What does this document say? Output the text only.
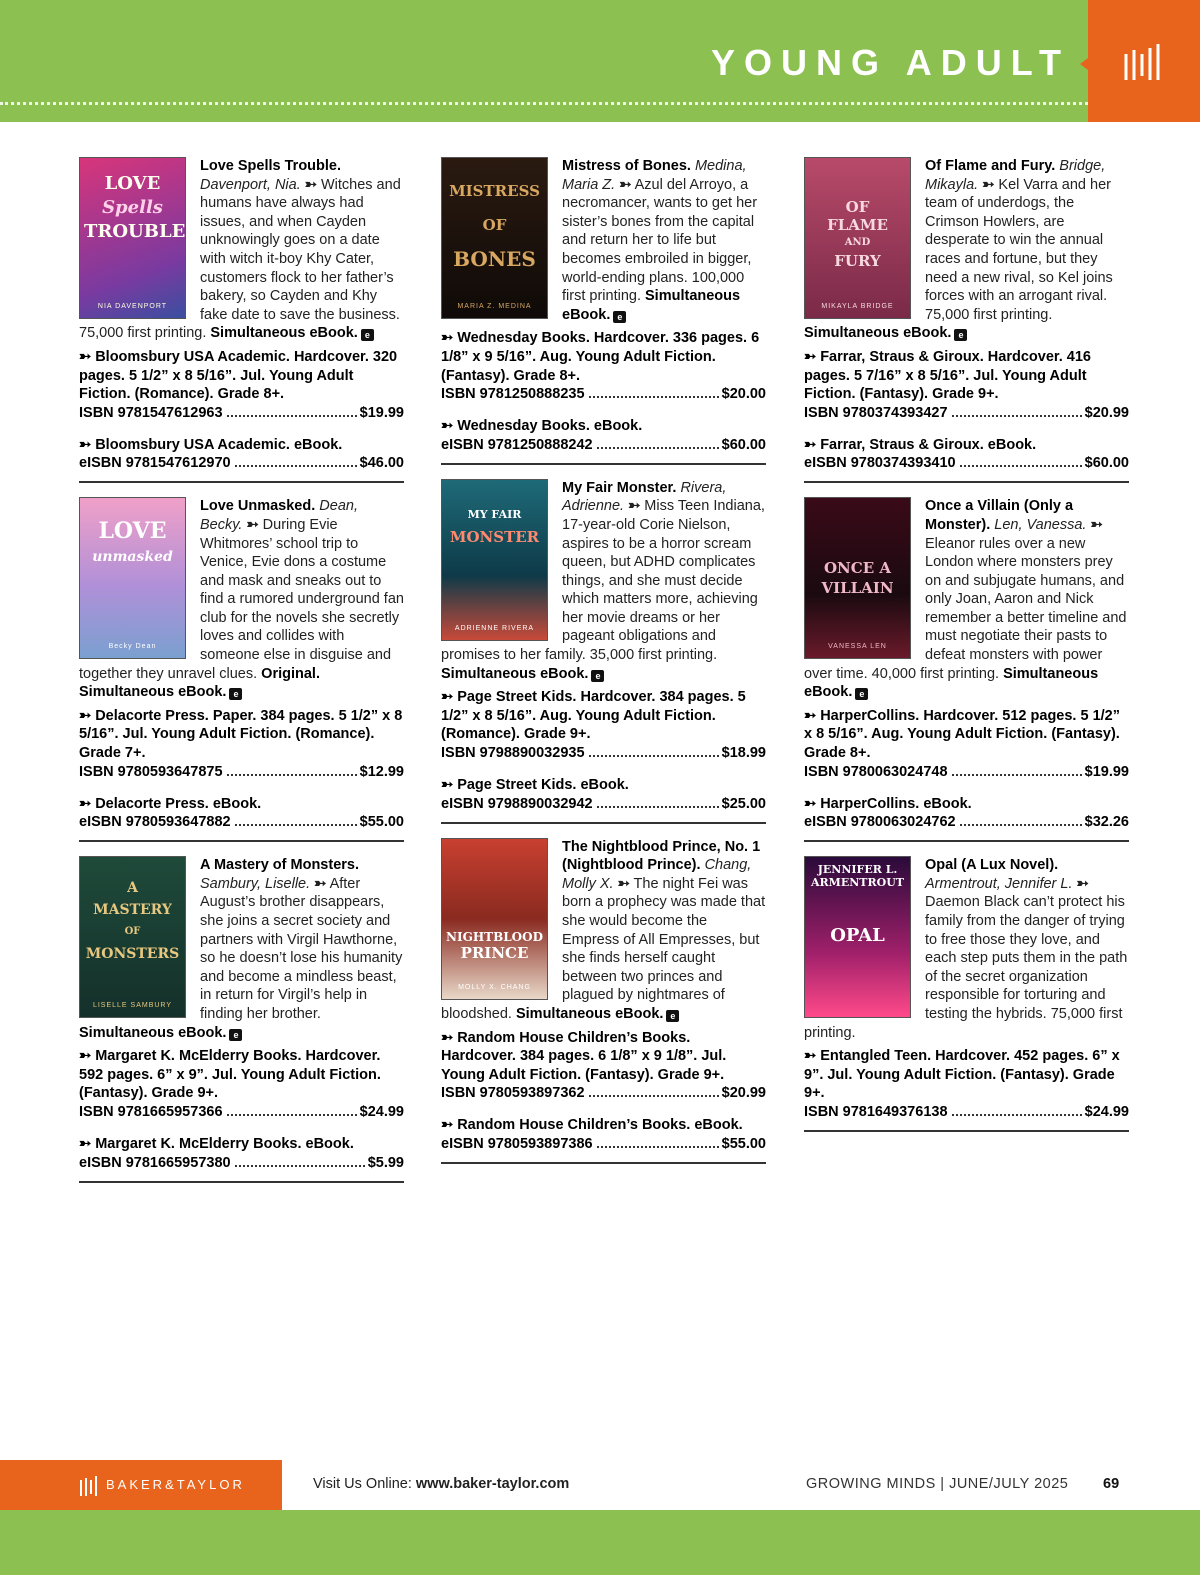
YOUNG ADULT
LOVE
Spells
TROUBLE
NIA DAVENPORT
Love Spells Trouble. Davenport, Nia. ➳ Witches and humans have always had issues, and when Cayden unknowingly goes on a date with witch it-boy Khy Cater, customers flock to her father’s bakery, so Cayden and Khy fake date to save the business. 75,000 first printing. Simultaneous eBook. e
➳ Bloomsbury USA Academic. Hardcover. 320 pages. 5 1/2” x 8 5/16”. Jul. Young Adult Fiction. (Romance). Grade 8+.
ISBN 9781547612963	$19.99
➳ Bloomsbury USA Academic. eBook.
eISBN 9781547612970	$46.00
LOVE
unmasked
Becky Dean
Love Unmasked. Dean, Becky. ➳ During Evie Whitmores’ school trip to Venice, Evie dons a costume and mask and sneaks out to find a rumored underground fan club for the novels she secretly loves and collides with someone else in disguise and together they unravel clues. Original. Simultaneous eBook. e
➳ Delacorte Press. Paper. 384 pages. 5 1/2” x 8 5/16”. Jul. Young Adult Fiction. (Romance). Grade 7+.
ISBN 9780593647875	$12.99
➳ Delacorte Press. eBook.
eISBN 9780593647882	$55.00
A
MASTERY
OF
MONSTERS
LISELLE SAMBURY
A Mastery of Monsters. Sambury, Liselle. ➳ After August’s brother disappears, she joins a secret society and partners with Virgil Hawthorne, so he doesn’t lose his humanity and become a mindless beast, in return for Virgil’s help in finding her brother. Simultaneous eBook. e
➳ Margaret K. McElderry Books. Hardcover. 592 pages. 6” x 9”. Jul. Young Adult Fiction. (Fantasy). Grade 9+.
ISBN 9781665957366	$24.99
➳ Margaret K. McElderry Books. eBook.
eISBN 9781665957380	$5.99
MISTRESS
OF
BONES
MARIA Z. MEDINA
Mistress of Bones. Medina, Maria Z. ➳ Azul del Arroyo, a necromancer, wants to get her sister’s bones from the capital and return her to life but becomes embroiled in bigger, world-ending plans. 100,000 first printing. Simultaneous eBook. e
➳ Wednesday Books. Hardcover. 336 pages. 6 1/8” x 9 5/16”. Aug. Young Adult Fiction. (Fantasy). Grade 8+.
ISBN 9781250888235	$20.00
➳ Wednesday Books. eBook.
eISBN 9781250888242	$60.00
MY FAIR
MONSTER
ADRIENNE RIVERA
My Fair Monster. Rivera, Adrienne. ➳ Miss Teen Indiana, 17-year-old Corie Nielson, aspires to be a horror scream queen, but ADHD complicates things, and she must decide which matters more, achieving her movie dreams or her pageant obligations and promises to her family. 35,000 first printing. Simultaneous eBook. e
➳ Page Street Kids. Hardcover. 384 pages. 5 1/2” x 8 5/16”. Aug. Young Adult Fiction. (Romance). Grade 9+.
ISBN 9798890032935	$18.99
➳ Page Street Kids. eBook.
eISBN 9798890032942	$25.00
NIGHTBLOOD
PRINCE
MOLLY X. CHANG
The Nightblood Prince, No. 1 (Nightblood Prince). Chang, Molly X. ➳ The night Fei was born a prophecy was made that she would become the Empress of All Empresses, but she finds herself caught between two princes and plagued by nightmares of bloodshed. Simultaneous eBook. e
➳ Random House Children’s Books. Hardcover. 384 pages. 6 1/8” x 9 1/8”. Jul. Young Adult Fiction. (Fantasy). Grade 9+.
ISBN 9780593897362	$20.99
➳ Random House Children’s Books. eBook.
eISBN 9780593897386	$55.00
OF
FLAME
AND
FURY
MIKAYLA BRIDGE
Of Flame and Fury. Bridge, Mikayla. ➳ Kel Varra and her team of underdogs, the Crimson Howlers, are desperate to win the annual races and fortune, but they need a new rival, so Kel joins forces with an arrogant rival. 75,000 first printing. Simultaneous eBook. e
➳ Farrar, Straus & Giroux. Hardcover. 416 pages. 5 7/16” x 8 5/16”. Jul. Young Adult Fiction. (Fantasy). Grade 9+.
ISBN 9780374393427	$20.99
➳ Farrar, Straus & Giroux. eBook.
eISBN 9780374393410	$60.00
ONCE A
VILLAIN
VANESSA LEN
Once a Villain (Only a Monster). Len, Vanessa. ➳ Eleanor rules over a new London where monsters prey on and subjugate humans, and only Joan, Aaron and Nick remember a better timeline and must negotiate their pasts to defeat monsters with power over time. 40,000 first printing. Simultaneous eBook. e
➳ HarperCollins. Hardcover. 512 pages. 5 1/2” x 8 5/16”. Aug. Young Adult Fiction. (Fantasy). Grade 8+.
ISBN 9780063024748	$19.99
➳ HarperCollins. eBook.
eISBN 9780063024762	$32.26
JENNIFER L.
ARMENTROUT
OPAL
Opal (A Lux Novel). Armentrout, Jennifer L. ➳ Daemon Black can’t protect his family from the danger of trying to free those they love, and each step puts them in the path of the secret organization responsible for torturing and testing the hybrids. 75,000 first printing.
➳ Entangled Teen. Hardcover. 452 pages. 6” x 9”. Jul. Young Adult Fiction. (Fantasy). Grade 9+.
ISBN 9781649376138	$24.99
BAKER&TAYLOR	Visit Us Online: www.baker-taylor.com	GROWING MINDS | JUNE/JULY 2025 69
